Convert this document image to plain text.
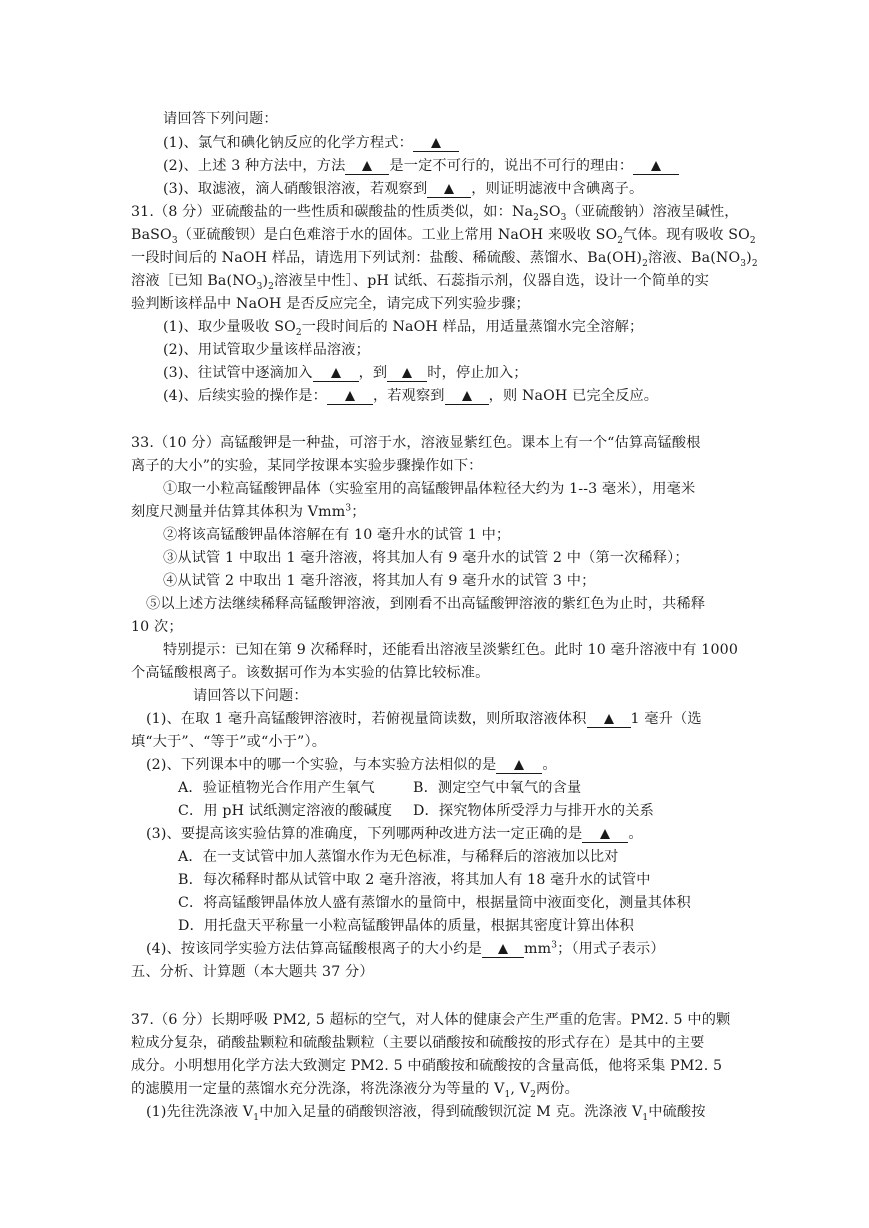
请回答下列问题：
(1)、氯气和碘化钠反应的化学方程式：
(2)、上述 3 种方法中，方法	是一定不可行的，说出不可行的理由：
(3)、取滤液，滴人硝酸银溶液，若观察到	，则证明滤液中含碘离子。
31.（8 分）亚硫酸盐的一些性质和碳酸盐的性质类似，如：$Na_2SO_3$（亚硫酸钠）溶液呈碱性，
BaSO$_3$（亚硫酸钡）是白色难溶于水的固体。工业上常用 NaOH 来吸收 $SO_2$气体。现有吸收 $SO_2$
一段时间后的 NaOH 样品，请选用下列试剂：盐酸、稀硫酸、蒸馏水、$Ba(OH)_2$溶液、$Ba(NO_3)_2$
溶液［已知 $Ba(NO_3)_2$溶液呈中性］、pH 试纸、石蕊指示剂，仪器自选，设计一个简单的实
验判断该样品中 NaOH 是否反应完全，请完成下列实验步骤；
(1)、取少量吸收 $SO_2$一段时间后的 NaOH 样品，用适量蒸馏水完全溶解；
(2)、用试管取少量该样品溶液；
(3)、往试管中逐滴加入	，到	时，停止加入；
(4)、后续实验的操作是：	，若观察到	，则 NaOH 已完全反应。
33.（10 分）高锰酸钾是一种盐，可溶于水，溶液显紫红色。课本上有一个“估算高锰酸根
离子的大小”的实验，某同学按课本实验步骤操作如下：
①取一小粒高锰酸钾晶体（实验室用的高锰酸钾晶体粒径大约为 1--3 毫米），用毫米
刻度尺测量并估算其体积为 Vmm$^3$；
②将该高锰酸钾晶体溶解在有 10 毫升水的试管 1 中；
③从试管 1 中取出 1 毫升溶液，将其加人有 9 毫升水的试管 2 中（第一次稀释）；
④从试管 2 中取出 1 毫升溶液，将其加人有 9 毫升水的试管 3 中；
⑤以上述方法继续稀释高锰酸钾溶液，到刚看不出高锰酸钾溶液的紫红色为止时，共稀释
10 次；
特别提示：已知在第 9 次稀释时，还能看出溶液呈淡紫红色。此时 10 毫升溶液中有 1000
个高锰酸根离子。该数据可作为本实验的估算比较标准。
请回答以下问题：
(1)、在取 1 毫升高锰酸钾溶液时，若俯视量筒读数，则所取溶液体积	1 毫升（选
填“大于”、“等于”或“小于”）。
(2)、下列课本中的哪一个实验，与本实验方法相似的是	。
A．验证植物光合作用产生氧气	B．测定空气中氧气的含量
C．用 pH 试纸测定溶液的酸碱度 D．探究物体所受浮力与排开水的关系
(3)、要提高该实验估算的准确度，下列哪两种改进方法一定正确的是	。
A．在一支试管中加人蒸馏水作为无色标准，与稀释后的溶液加以比对
B．每次稀释时都从试管中取 2 毫升溶液，将其加人有 18 毫升水的试管中
C．将高锰酸钾晶体放人盛有蒸馏水的量筒中，根据量筒中液面变化，测量其体积
D．用托盘天平称量一小粒高锰酸钾晶体的质量，根据其密度计算出体积
(4)、按该同学实验方法估算高锰酸根离子的大小约是	$mm^3$；（用式子表示）
五、分析、计算题（本大题共 37 分）
37.（6 分）长期呼吸 PM2, 5 超标的空气，对人体的健康会产生严重的危害。PM2. 5 中的颗
粒成分复杂，硝酸盐颗粒和硫酸盐颗粒（主要以硝酸按和硫酸按的形式存在）是其中的主要
成分。小明想用化学方法大致测定 PM2. 5 中硝酸按和硫酸按的含量高低，他将采集 PM2. 5
的滤膜用一定量的蒸馏水充分洗涤，将洗涤液分为等量的 $V_1$, $V_2$两份。
(1)先往洗涤液 $V_1$中加入足量的硝酸钡溶液，得到硫酸钡沉淀 M 克。洗涤液 $V_1$中硫酸按
